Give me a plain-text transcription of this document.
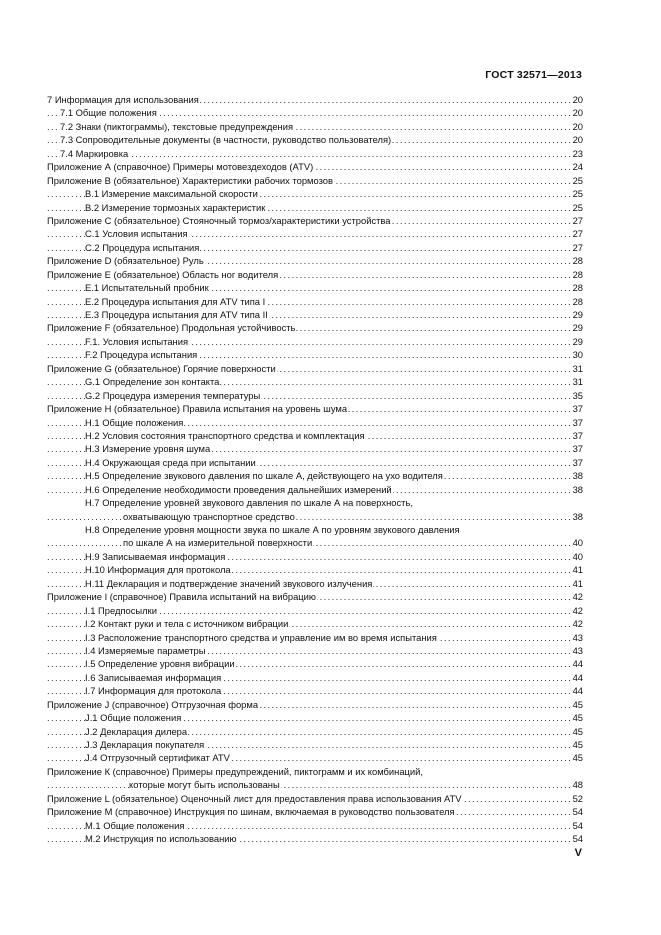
ГОСТ 32571—2013
7 Информация для использования	20
. . .
7.1 Общие положения	20
. . .
7.2 Знаки (пиктограммы), текстовые предупреждения	20
. . .
7.3 Сопроводительные документы (в частности, руководство пользователя)	20
. . .
7.4 Маркировка	23
. . .
Приложение А (справочное) Примеры мотовездеходов (ATV)	24
. . .
Приложение В (обязательное) Характеристики рабочих тормозов	25
. . .
В.1 Измерение максимальной скорости	25
. . .
В.2 Измерение тормозных характеристик	25
. . .
Приложение С (обязательное) Стояночный тормоз/характеристики устройства	27
. . .
С.1 Условия испытания	27
. . .
С.2 Процедура испытания	27
. . .
Приложение D (обязательное) Руль	28
. . .
Приложение Е (обязательное) Область ног водителя	28
. . .
Е.1 Испытательный пробник	28
. . .
Е.2 Процедура испытания для ATV типа I	28
. . .
Е.3 Процедура испытания для ATV типа II	29
. . .
Приложение F (обязательное) Продольная устойчивость	29
. . .
F.1. Условия испытания	29
. . .
F.2 Процедура испытания	30
. . .
Приложение G (обязательное) Горячие поверхности	31
. . .
G.1 Определение зон контакта	31
. . .
G.2 Процедура измерения температуры	35
. . .
Приложение Н (обязательное) Правила испытания на уровень шума	37
. . .
Н.1 Общие положения	37
. . .
Н.2 Условия состояния транспортного средства и комплектация	37
. . .
Н.3 Измерение уровня шума	37
. . .
Н.4 Окружающая среда при испытании	37
. . .
Н.5 Определение звукового давления по шкале А, действующего на ухо водителя	38
. . .
Н.6 Определение необходимости проведения дальнейших измерений	38
. . .
Н.7 Определение уровней звукового давления по шкале А на поверхность,
охватывающую транспортное средство	38
. . .
Н.8 Определение уровня мощности звука по шкале А по уровням звукового давления
по шкале А на измерительной поверхности	40
. . .
Н.9 Записываемая информация	40
. . .
Н.10 Информация для протокола	41
. . .
Н.11 Декларация и подтверждение значений звукового излучения	41
. . .
Приложение I (справочное) Правила испытаний на вибрацию	42
. . .
I.1 Предпосылки	42
. . .
I.2 Контакт руки и тела с источником вибрации	42
. . .
I.3 Расположение транспортного средства и управление им во время испытания	43
. . .
I.4 Измеряемые параметры	43
. . .
I.5 Определение уровня вибрации	44
. . .
I.6 Записываемая информация	44
. . .
I.7 Информация для протокола	44
. . .
Приложение J (справочное) Отгрузочная форма	45
. . .
J.1 Общие положения	45
. . .
J.2 Декларация дилера	45
. . .
J.3 Декларация покупателя	45
. . .
J.4 Отгрузочный сертификат ATV	45
. . .
Приложение К (справочное) Примеры предупреждений, пиктограмм и их комбинаций,
которые могут быть использованы	48
. . .
Приложение L (обязательное) Оценочный лист для предоставления права использования ATV	52
. . .
Приложение М (справочное) Инструкция по шинам, включаемая в руководство пользователя	54
. . .
М.1 Общие положения	54
. . .
М.2 Инструкция по использованию	54
. . .
V
